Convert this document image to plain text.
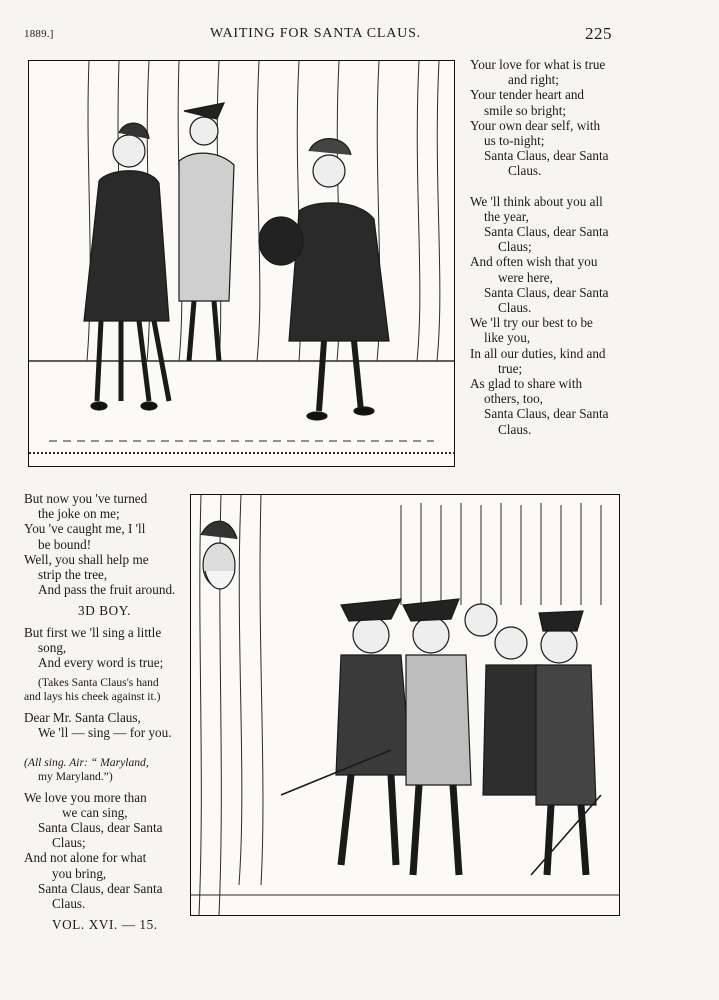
1889.]	WAITING FOR SANTA CLAUS.	225
Your love for what is true
and right;
Your tender heart and
smile so bright;
Your own dear self, with
us to-night;
Santa Claus, dear Santa
Claus.
We 'll think about you all
the year,
Santa Claus, dear Santa
Claus;
And often wish that you
were here,
Santa Claus, dear Santa
Claus.
We 'll try our best to be
like you,
In all our duties, kind and
true;
As glad to share with
others, too,
Santa Claus, dear Santa
Claus.
But now you 've turned
the joke on me;
You 've caught me, I 'll
be bound!
Well, you shall help me
strip the tree,
And pass the fruit around.
3D BOY.
But first we 'll sing a little
song,
And every word is true;
(Takes Santa Claus's hand
and lays his cheek against it.)
Dear Mr. Santa Claus,
We 'll — sing — for you.
(All sing. Air: “ Maryland,
my Maryland.”)
We love you more than
we can sing,
Santa Claus, dear Santa
Claus;
And not alone for what
you bring,
Santa Claus, dear Santa
Claus.
VOL. XVI. — 15.
